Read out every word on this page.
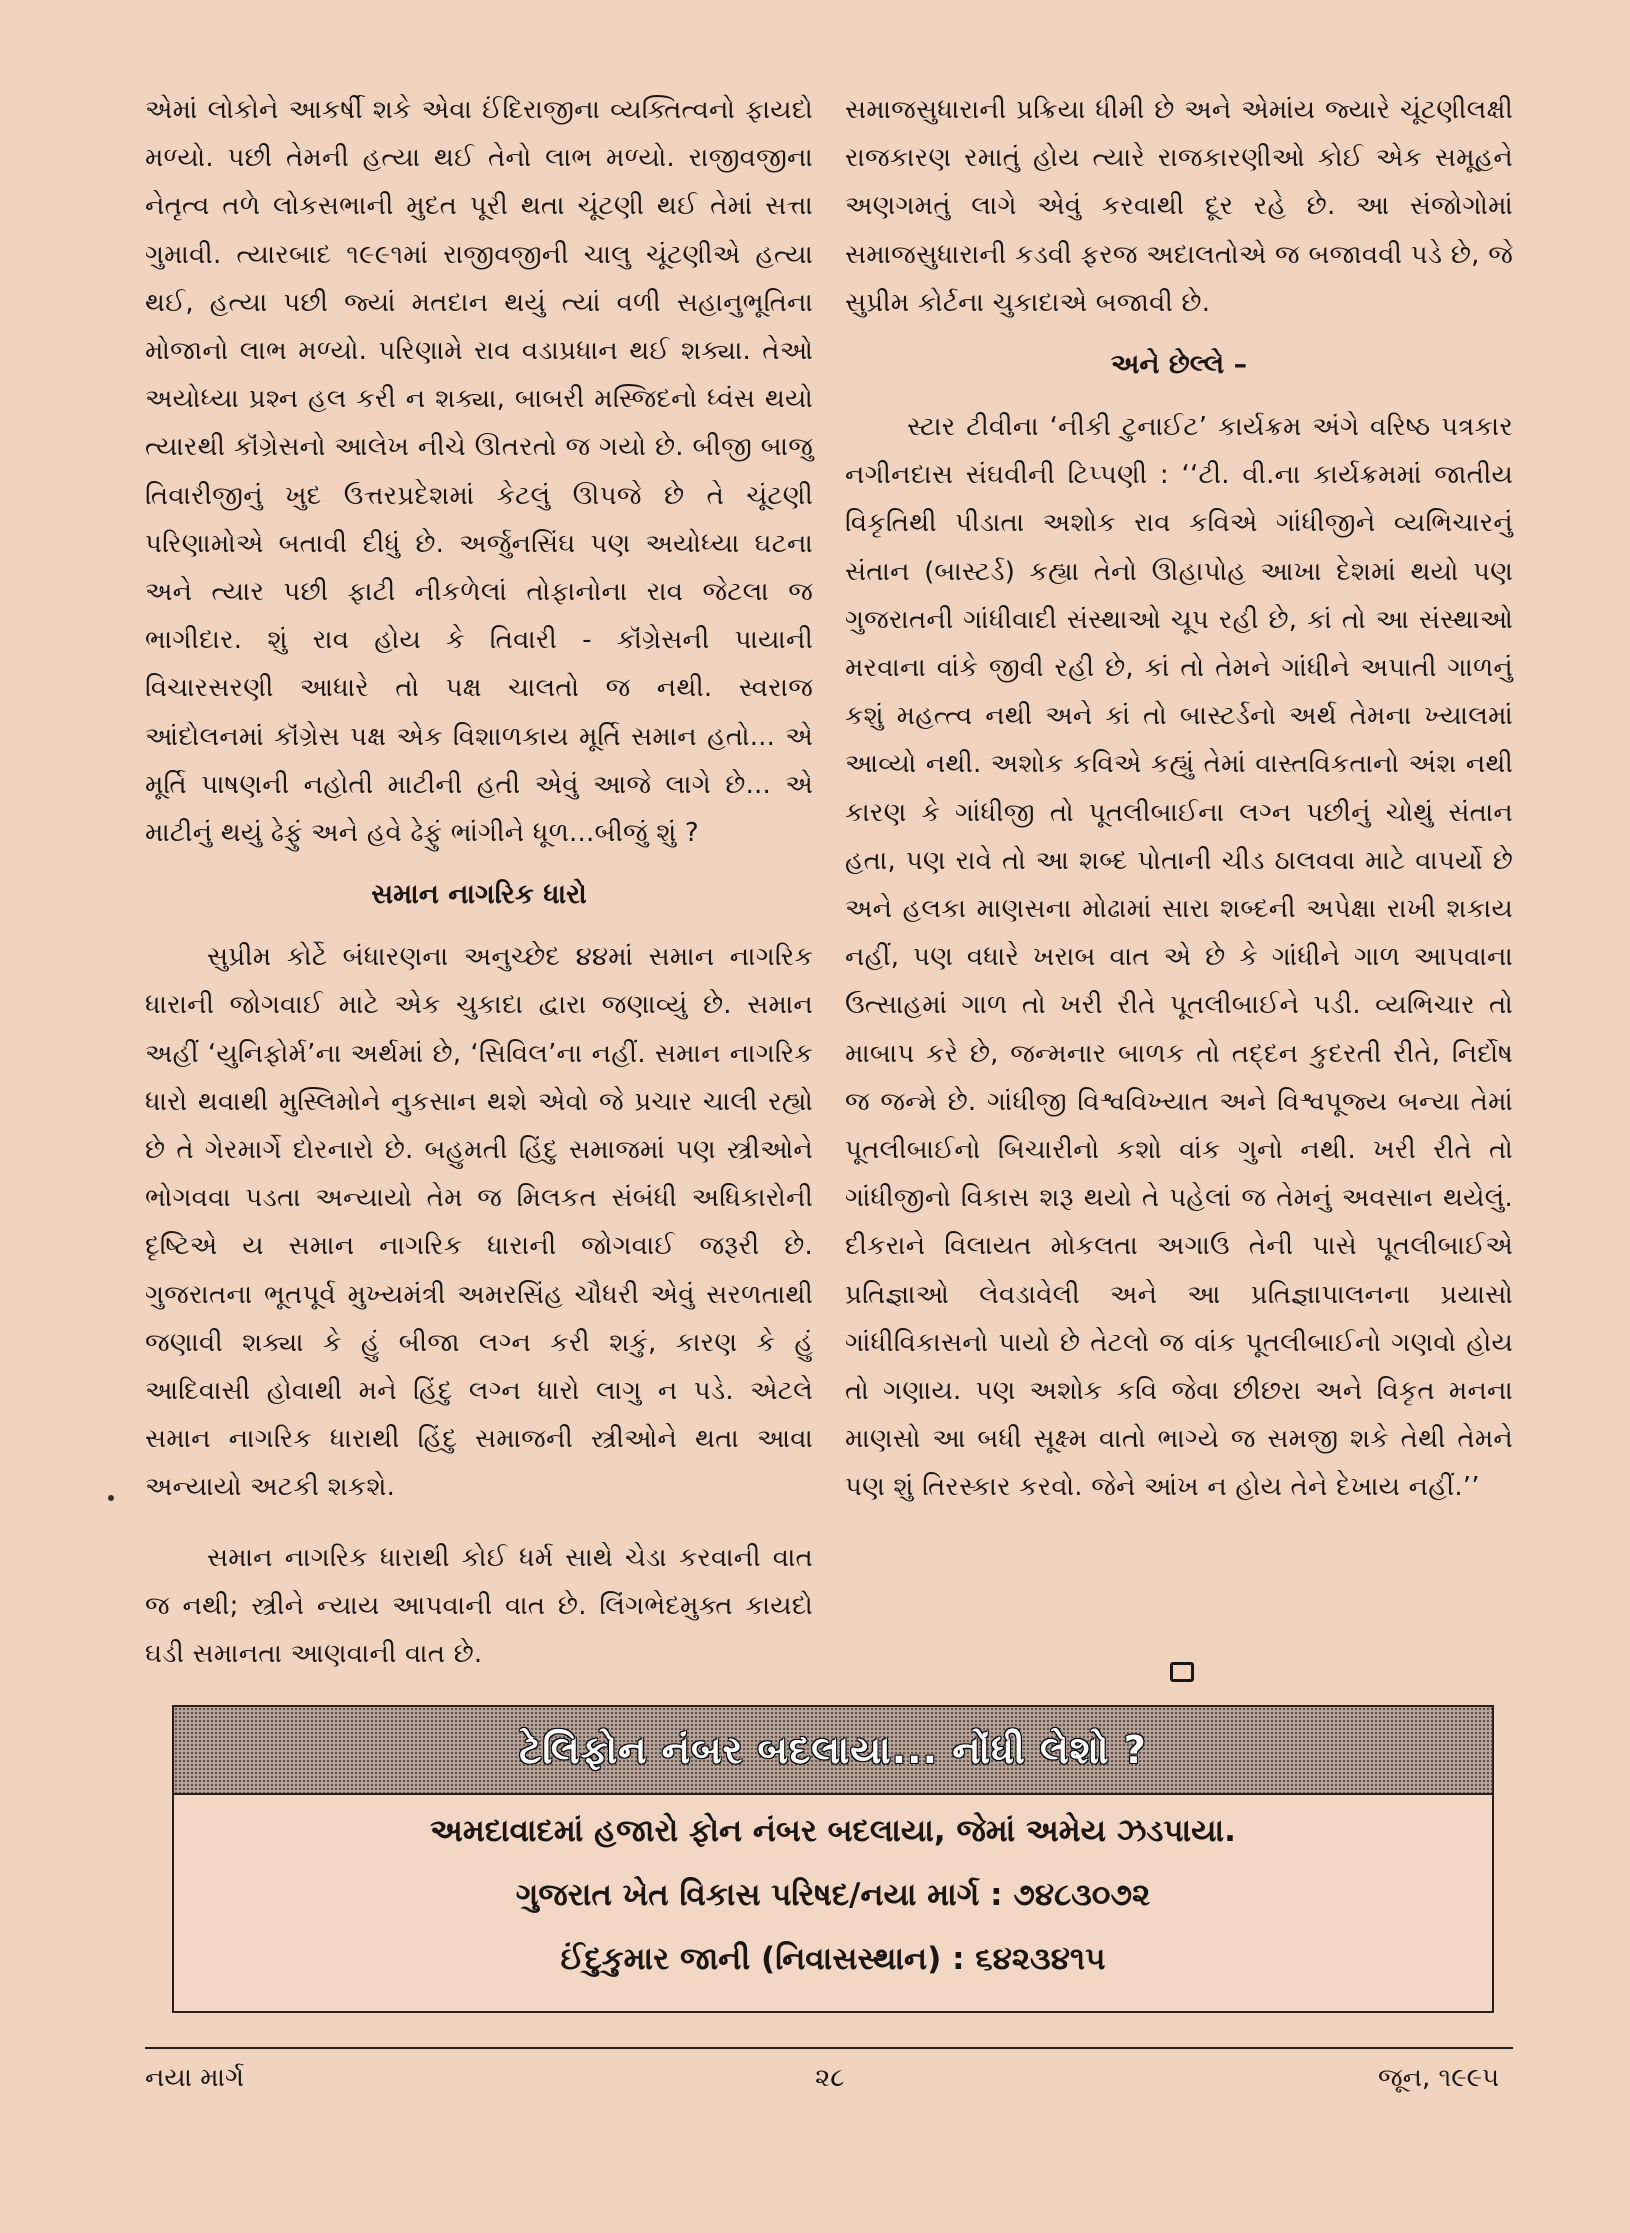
એમાં લોકોને આકર્ષી શકે એવા ઈંદિરાજીના વ્યક્તિત્વનો ફાયદો મળ્યો. પછી તેમની હત્યા થઈ તેનો લાભ મળ્યો. રાજીવજીના નેતૃત્વ તળે લોકસભાની મુદત પૂરી થતા ચૂંટણી થઈ તેમાં સત્તા ગુમાવી. ત્યારબાદ ૧૯૯૧માં રાજીવજીની ચાલુ ચૂંટણીએ હત્યા થઈ, હત્યા પછી જ્યાં મતદાન થયું ત્યાં વળી સહાનુભૂતિના મોજાનો લાભ મળ્યો. પરિણામે રાવ વડાપ્રધાન થઈ શક્યા. તેઓ અયોધ્યા પ્રશ્ન હલ કરી ન શક્યા, બાબરી મસ્જિદનો ધ્વંસ થયો ત્યારથી કૉંગ્રેસનો આલેખ નીચે ઊતરતો જ ગયો છે. બીજી બાજુ તિવારીજીનું ખુદ ઉત્તરપ્રદેશમાં કેટલું ઊપજે છે તે ચૂંટણી પરિણામોએ બતાવી દીધું છે. અર્જુનસિંઘ પણ અયોધ્યા ઘટના અને ત્યાર પછી ફાટી નીકળેલાં તોફાનોના રાવ જેટલા જ ભાગીદાર. શું રાવ હોય કે તિવારી - કૉંગ્રેસની પાયાની વિચારસરણી આધારે તો પક્ષ ચાલતો જ નથી. સ્વરાજ આંદોલનમાં કૉંગ્રેસ પક્ષ એક વિશાળકાય મૂર્તિ સમાન હતો... એ મૂર્તિ પાષણની નહોતી માટીની હતી એવું આજે લાગે છે... એ માટીનું થયું ઢેફું અને હવે ઢેફું ભાંગીને ધૂળ...બીજું શું ?

સમાન નાગરિક ધારો

સુપ્રીમ કોર્ટે બંધારણના અનુચ્છેદ ૪૪માં સમાન નાગરિક ધારાની જોગવાઈ માટે એક ચુકાદા દ્વારા જણાવ્યું છે. સમાન અહીં ‘યુનિફોર્મ’ના અર્થમાં છે, ‘સિવિલ’ના નહીં. સમાન નાગરિક ધારો થવાથી મુસ્લિમોને નુકસાન થશે એવો જે પ્રચાર ચાલી રહ્યો છે તે ગેરમાર્ગે દોરનારો છે. બહુમતી હિંદુ સમાજમાં પણ સ્ત્રીઓને ભોગવવા પડતા અન્યાયો તેમ જ મિલકત સંબંધી અધિકારોની દૃષ્ટિએ ય સમાન નાગરિક ધારાની જોગવાઈ જરૂરી છે. ગુજરાતના ભૂતપૂર્વ મુખ્યમંત્રી અમરસિંહ ચૌધરી એવું સરળતાથી જણાવી શક્યા કે હું બીજા લગ્ન કરી શકું, કારણ કે હું આદિવાસી હોવાથી મને હિંદુ લગ્ન ધારો લાગુ ન પડે. એટલે સમાન નાગરિક ધારાથી હિંદુ સમાજની સ્ત્રીઓને થતા આવા અન્યાયો અટકી શકશે.

સમાન નાગરિક ધારાથી કોઈ ધર્મ સાથે ચેડા કરવાની વાત જ નથી; સ્ત્રીને ન્યાય આપવાની વાત છે. લિંગભેદમુક્ત કાયદો ઘડી સમાનતા આણવાની વાત છે.

સમાજસુધારાની પ્રક્રિયા ધીમી છે અને એમાંય જ્યારે ચૂંટણીલક્ષી રાજકારણ રમાતું હોય ત્યારે રાજકારણીઓ કોઈ એક સમૂહને અણગમતું લાગે એવું કરવાથી દૂર રહે છે. આ સંજોગોમાં સમાજસુધારાની કડવી ફરજ અદાલતોએ જ બજાવવી પડે છે, જે સુપ્રીમ કોર્ટના ચુકાદાએ બજાવી છે.

અને છેલ્લે –

સ્ટાર ટીવીના ‘નીકી ટુનાઈટ’ કાર્યક્રમ અંગે વરિષ્ઠ પત્રકાર નગીનદાસ સંઘવીની ટિપ્પણી : ‘‘ટી. વી.ના કાર્યક્રમમાં જાતીય વિકૃતિથી પીડાતા અશોક રાવ કવિએ ગાંધીજીને વ્યભિચારનું સંતાન (બાસ્ટર્ડ) કહ્યા તેનો ઊહાપોહ આખા દેશમાં થયો પણ ગુજરાતની ગાંધીવાદી સંસ્થાઓ ચૂપ રહી છે, કાં તો આ સંસ્થાઓ મરવાના વાંકે જીવી રહી છે, કાં તો તેમને ગાંધીને અપાતી ગાળનું કશું મહત્ત્વ નથી અને કાં તો બાસ્ટર્ડનો અર્થ તેમના ખ્યાલમાં આવ્યો નથી. અશોક કવિએ કહ્યું તેમાં વાસ્તવિકતાનો અંશ નથી કારણ કે ગાંધીજી તો પૂતલીબાઈના લગ્ન પછીનું ચોથું સંતાન હતા, પણ રાવે તો આ શબ્દ પોતાની ચીડ ઠાલવવા માટે વાપર્યો છે અને હલકા માણસના મોઢામાં સારા શબ્દની અપેક્ષા રાખી શકાય નહીં, પણ વધારે ખરાબ વાત એ છે કે ગાંધીને ગાળ આપવાના ઉત્સાહમાં ગાળ તો ખરી રીતે પૂતલીબાઈને પડી. વ્યભિચાર તો માબાપ કરે છે, જન્મનાર બાળક તો તદ્દન કુદરતી રીતે, નિર્દોષ જ જન્મે છે. ગાંધીજી વિશ્વવિખ્યાત અને વિશ્વપૂજ્ય બન્યા તેમાં પૂતલીબાઈનો બિચારીનો કશો વાંક ગુનો નથી. ખરી રીતે તો ગાંધીજીનો વિકાસ શરૂ થયો તે પહેલાં જ તેમનું અવસાન થયેલું. દીકરાને વિલાયત મોકલતા અગાઉ તેની પાસે પૂતલીબાઈએ પ્રતિજ્ઞાઓ લેવડાવેલી અને આ પ્રતિજ્ઞાપાલનના પ્રયાસો ગાંધીવિકાસનો પાયો છે તેટલો જ વાંક પૂતલીબાઈનો ગણવો હોય તો ગણાય. પણ અશોક કવિ જેવા છીછરા અને વિકૃત મનના માણસો આ બધી સૂક્ષ્મ વાતો ભાગ્યે જ સમજી શકે તેથી તેમને પણ શું તિરસ્કાર કરવો. જેને આંખ ન હોય તેને દેખાય નહીં.’’

ટેલિફોન નંબર બદલાયા... નોંધી લેશો ?
અમદાવાદમાં હજારો ફોન નંબર બદલાયા, જેમાં અમેય ઝડપાયા.
ગુજરાત ખેત વિકાસ પરિષદ/નયા માર્ગ : ૭૪૮૩૦૭૨
ઈંદુકુમાર જાની (નિવાસસ્થાન) : ૬૪૨૩૪૧૫
નયા માર્ગ	૨૮	જૂન, ૧૯૯૫
